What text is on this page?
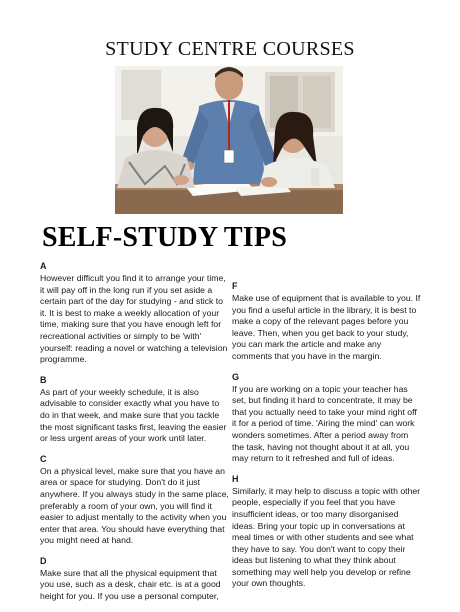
STUDY CENTRE COURSES
SELF-STUDY TIPS
A
However difficult you find it to arrange your time, it will pay off in the long run if you set aside a certain part of the day for studying - and stick to it. It is best to make a weekly allocation of your time, making sure that you have enough left for recreational activities or simply to be 'with' yourself: reading a novel or watching a television programme.
B
As part of your weekly schedule, it is also advisable to consider exactly what you have to do in that week, and make sure that you tackle the most significant tasks first, leaving the easier or less urgent areas of your work until later.
C
On a physical level, make sure that you have an area or space for studying. Don't do it just anywhere. If you always study in the same place, preferably a room of your own, you will find it easier to adjust mentally to the activity when you enter that area. You should have everything that you might need at hand.
D
Make sure that all the physical equipment that you use, such as a desk, chair etc. is at a good height for you. If you use a personal computer,
F
Make use of equipment that is available to you. If you find a useful article in the library, it is best to make a copy of the relevant pages before you leave. Then, when you get back to your study, you can mark the article and make any comments that you have in the margin.
G
If you are working on a topic your teacher has set, but finding it hard to concentrate, it may be that you actually need to take your mind right off it for a period of time. 'Airing the mind' can work wonders sometimes. After a period away from the task, having not thought about it at all, you may return to it refreshed and full of ideas.
H
Similarly, it may help to discuss a topic with other people, especially if you feel that you have insufficient ideas, or too many disorganised ideas. Bring your topic up in conversations at meal times or with other students and see what they have to say. You don't want to copy their ideas but listening to what they think about something may well help you develop or refine your own thoughts.
